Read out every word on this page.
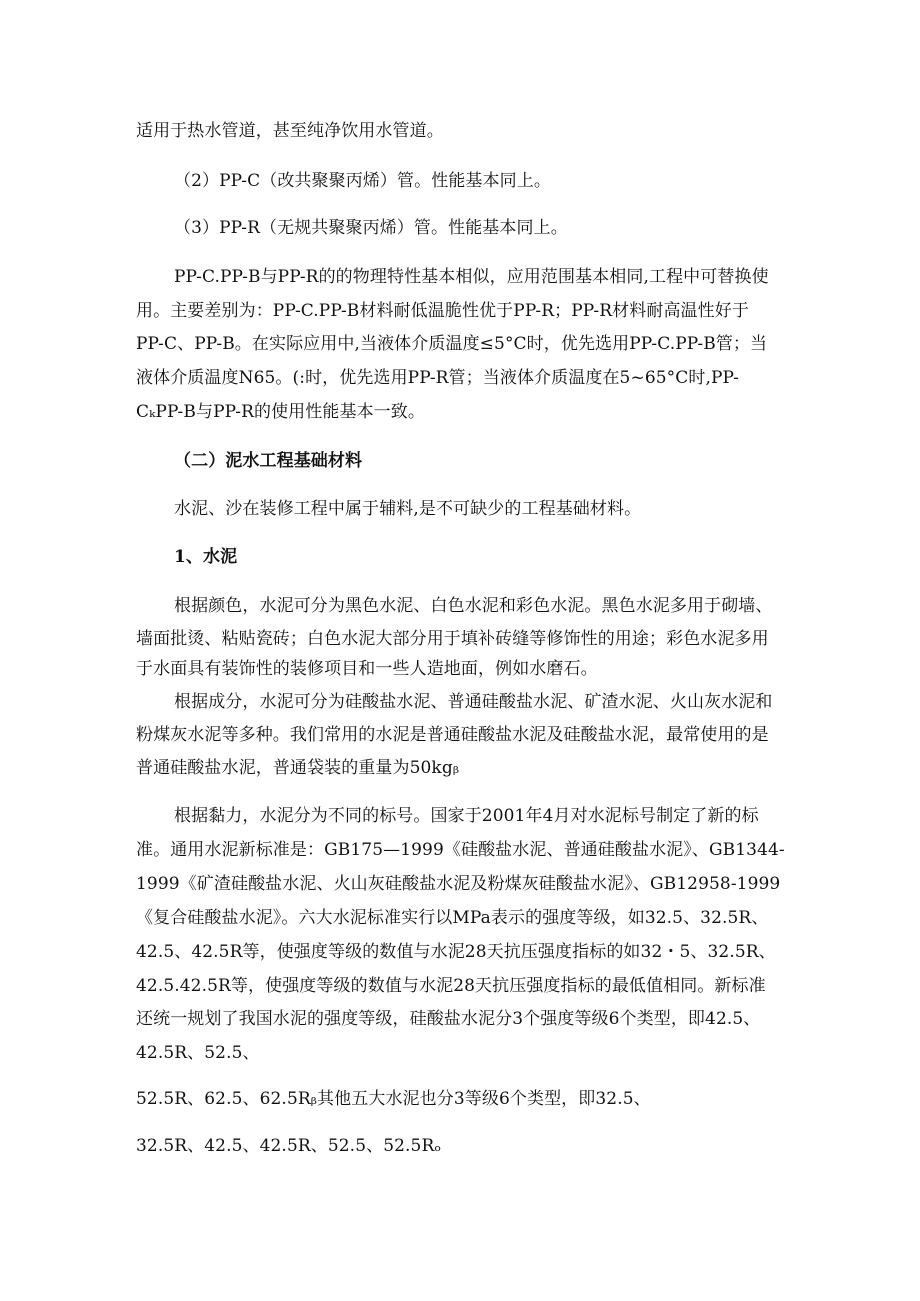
适用于热水管道，甚至纯净饮用水管道。
（2）PP-C（改共聚聚丙烯）管。性能基本同上。
（3）PP-R（无规共聚聚丙烯）管。性能基本同上。
PP-C.PP-B与PP-R的的物理特性基本相似，应用范围基本相同,工程中可替换使
用。主要差别为：PP-C.PP-B材料耐低温脆性优于PP-R；PP-R材料耐高温性好于
PP-C、PP-B。在实际应用中,当液体介质温度≤5°C时，优先选用PP-C.PP-B管；当
液体介质温度N65。(:时，优先选用PP-R管；当液体介质温度在5~65°C时,PP-
CₖPP-B与PP-R的使用性能基本一致。
（二）泥水工程基础材料
水泥、沙在装修工程中属于辅料,是不可缺少的工程基础材料。
1、水泥
根据颜色，水泥可分为黑色水泥、白色水泥和彩色水泥。黑色水泥多用于砌墙、
墙面批烫、粘贴瓷砖；白色水泥大部分用于填补砖缝等修饰性的用途；彩色水泥多用
于水面具有装饰性的装修项目和一些人造地面，例如水磨石。
根据成分，水泥可分为硅酸盐水泥、普通硅酸盐水泥、矿渣水泥、火山灰水泥和
粉煤灰水泥等多种。我们常用的水泥是普通硅酸盐水泥及硅酸盐水泥，最常使用的是
普通硅酸盐水泥，普通袋装的重量为50kgᵦ
根据黏力，水泥分为不同的标号。国家于2001年4月对水泥标号制定了新的标
准。通用水泥新标准是：GB175—1999《硅酸盐水泥、普通硅酸盐水泥》、GB1344-
1999《矿渣硅酸盐水泥、火山灰硅酸盐水泥及粉煤灰硅酸盐水泥》、GB12958-1999
《复合硅酸盐水泥》。六大水泥标准实行以MPa表示的强度等级，如32.5、32.5R、
42.5、42.5R等，使强度等级的数值与水泥28天抗压强度指标的如32・5、32.5R、
42.5.42.5R等，使强度等级的数值与水泥28天抗压强度指标的最低值相同。新标准
还统一规划了我国水泥的强度等级，硅酸盐水泥分3个强度等级6个类型，即42.5、
42.5R、52.5、
52.5R、62.5、62.5Rᵦ其他五大水泥也分3等级6个类型，即32.5、
32.5R、42.5、42.5R、52.5、52.5Rₒ
